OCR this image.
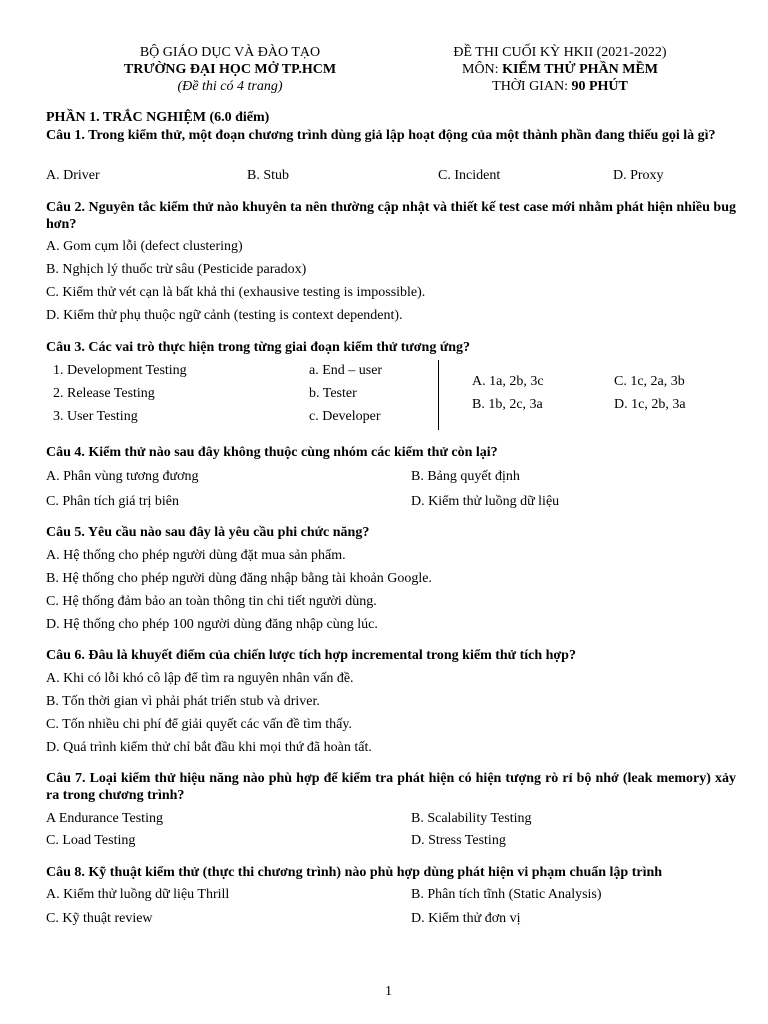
BỘ GIÁO DỤC VÀ ĐÀO TẠO
TRƯỜNG ĐẠI HỌC MỞ TP.HCM
(Đề thi có 4 trang)
ĐỀ THI CUỐI KỲ HKII (2021-2022)
MÔN: KIỂM THỬ PHẦN MỀM
THỜI GIAN: 90 PHÚT
PHẦN 1. TRẮC NGHIỆM (6.0 điểm)
Câu 1. Trong kiểm thử, một đoạn chương trình dùng giả lập hoạt động của một thành phần đang thiếu gọi là gì?
A. Driver	B. Stub	C. Incident	D. Proxy
Câu 2. Nguyên tắc kiểm thử nào khuyên ta nên thường cập nhật và thiết kế test case mới nhằm phát hiện nhiều bug hơn?
A. Gom cụm lỗi (defect clustering)
B. Nghịch lý thuốc trừ sâu (Pesticide paradox)
C. Kiểm thử vét cạn là bất khả thi (exhausive testing is impossible).
D. Kiểm thử phụ thuộc ngữ cảnh (testing is context dependent).
Câu 3. Các vai trò thực hiện trong từng giai đoạn kiểm thử tương ứng?
1. Development Testing
2. Release Testing
3. User Testing
a. End – user
b. Tester
c. Developer
A. 1a, 2b, 3c
B. 1b, 2c, 3a
C. 1c, 2a, 3b
D. 1c, 2b, 3a
Câu 4. Kiểm thử nào sau đây không thuộc cùng nhóm các kiểm thử còn lại?
A. Phân vùng tương đương	B. Bảng quyết định
C. Phân tích giá trị biên	D. Kiểm thử luồng dữ liệu
Câu 5. Yêu cầu nào sau đây là yêu cầu phi chức năng?
A. Hệ thống cho phép người dùng đặt mua sản phẩm.
B. Hệ thống cho phép người dùng đăng nhập bằng tài khoản Google.
C. Hệ thống đảm bảo an toàn thông tin chi tiết người dùng.
D. Hệ thống cho phép 100 người dùng đăng nhập cùng lúc.
Câu 6. Đâu là khuyết điểm của chiến lược tích hợp incremental trong kiểm thử tích hợp?
A. Khi có lỗi khó cô lập để tìm ra nguyên nhân vấn đề.
B. Tốn thời gian vì phải phát triển stub và driver.
C. Tốn nhiều chi phí để giải quyết các vấn đề tìm thấy.
D. Quá trình kiểm thử chỉ bắt đầu khi mọi thứ đã hoàn tất.
Câu 7. Loại kiểm thử hiệu năng nào phù hợp để kiểm tra phát hiện có hiện tượng rò rỉ bộ nhớ (leak memory) xảy ra trong chương trình?
A Endurance Testing	B. Scalability Testing
C. Load Testing	D. Stress Testing
Câu 8. Kỹ thuật kiểm thử (thực thi chương trình) nào phù hợp dùng phát hiện vi phạm chuẩn lập trình
A. Kiểm thử luồng dữ liệu Thrill	B. Phân tích tĩnh (Static Analysis)
C. Kỹ thuật review	D. Kiểm thử đơn vị
1
